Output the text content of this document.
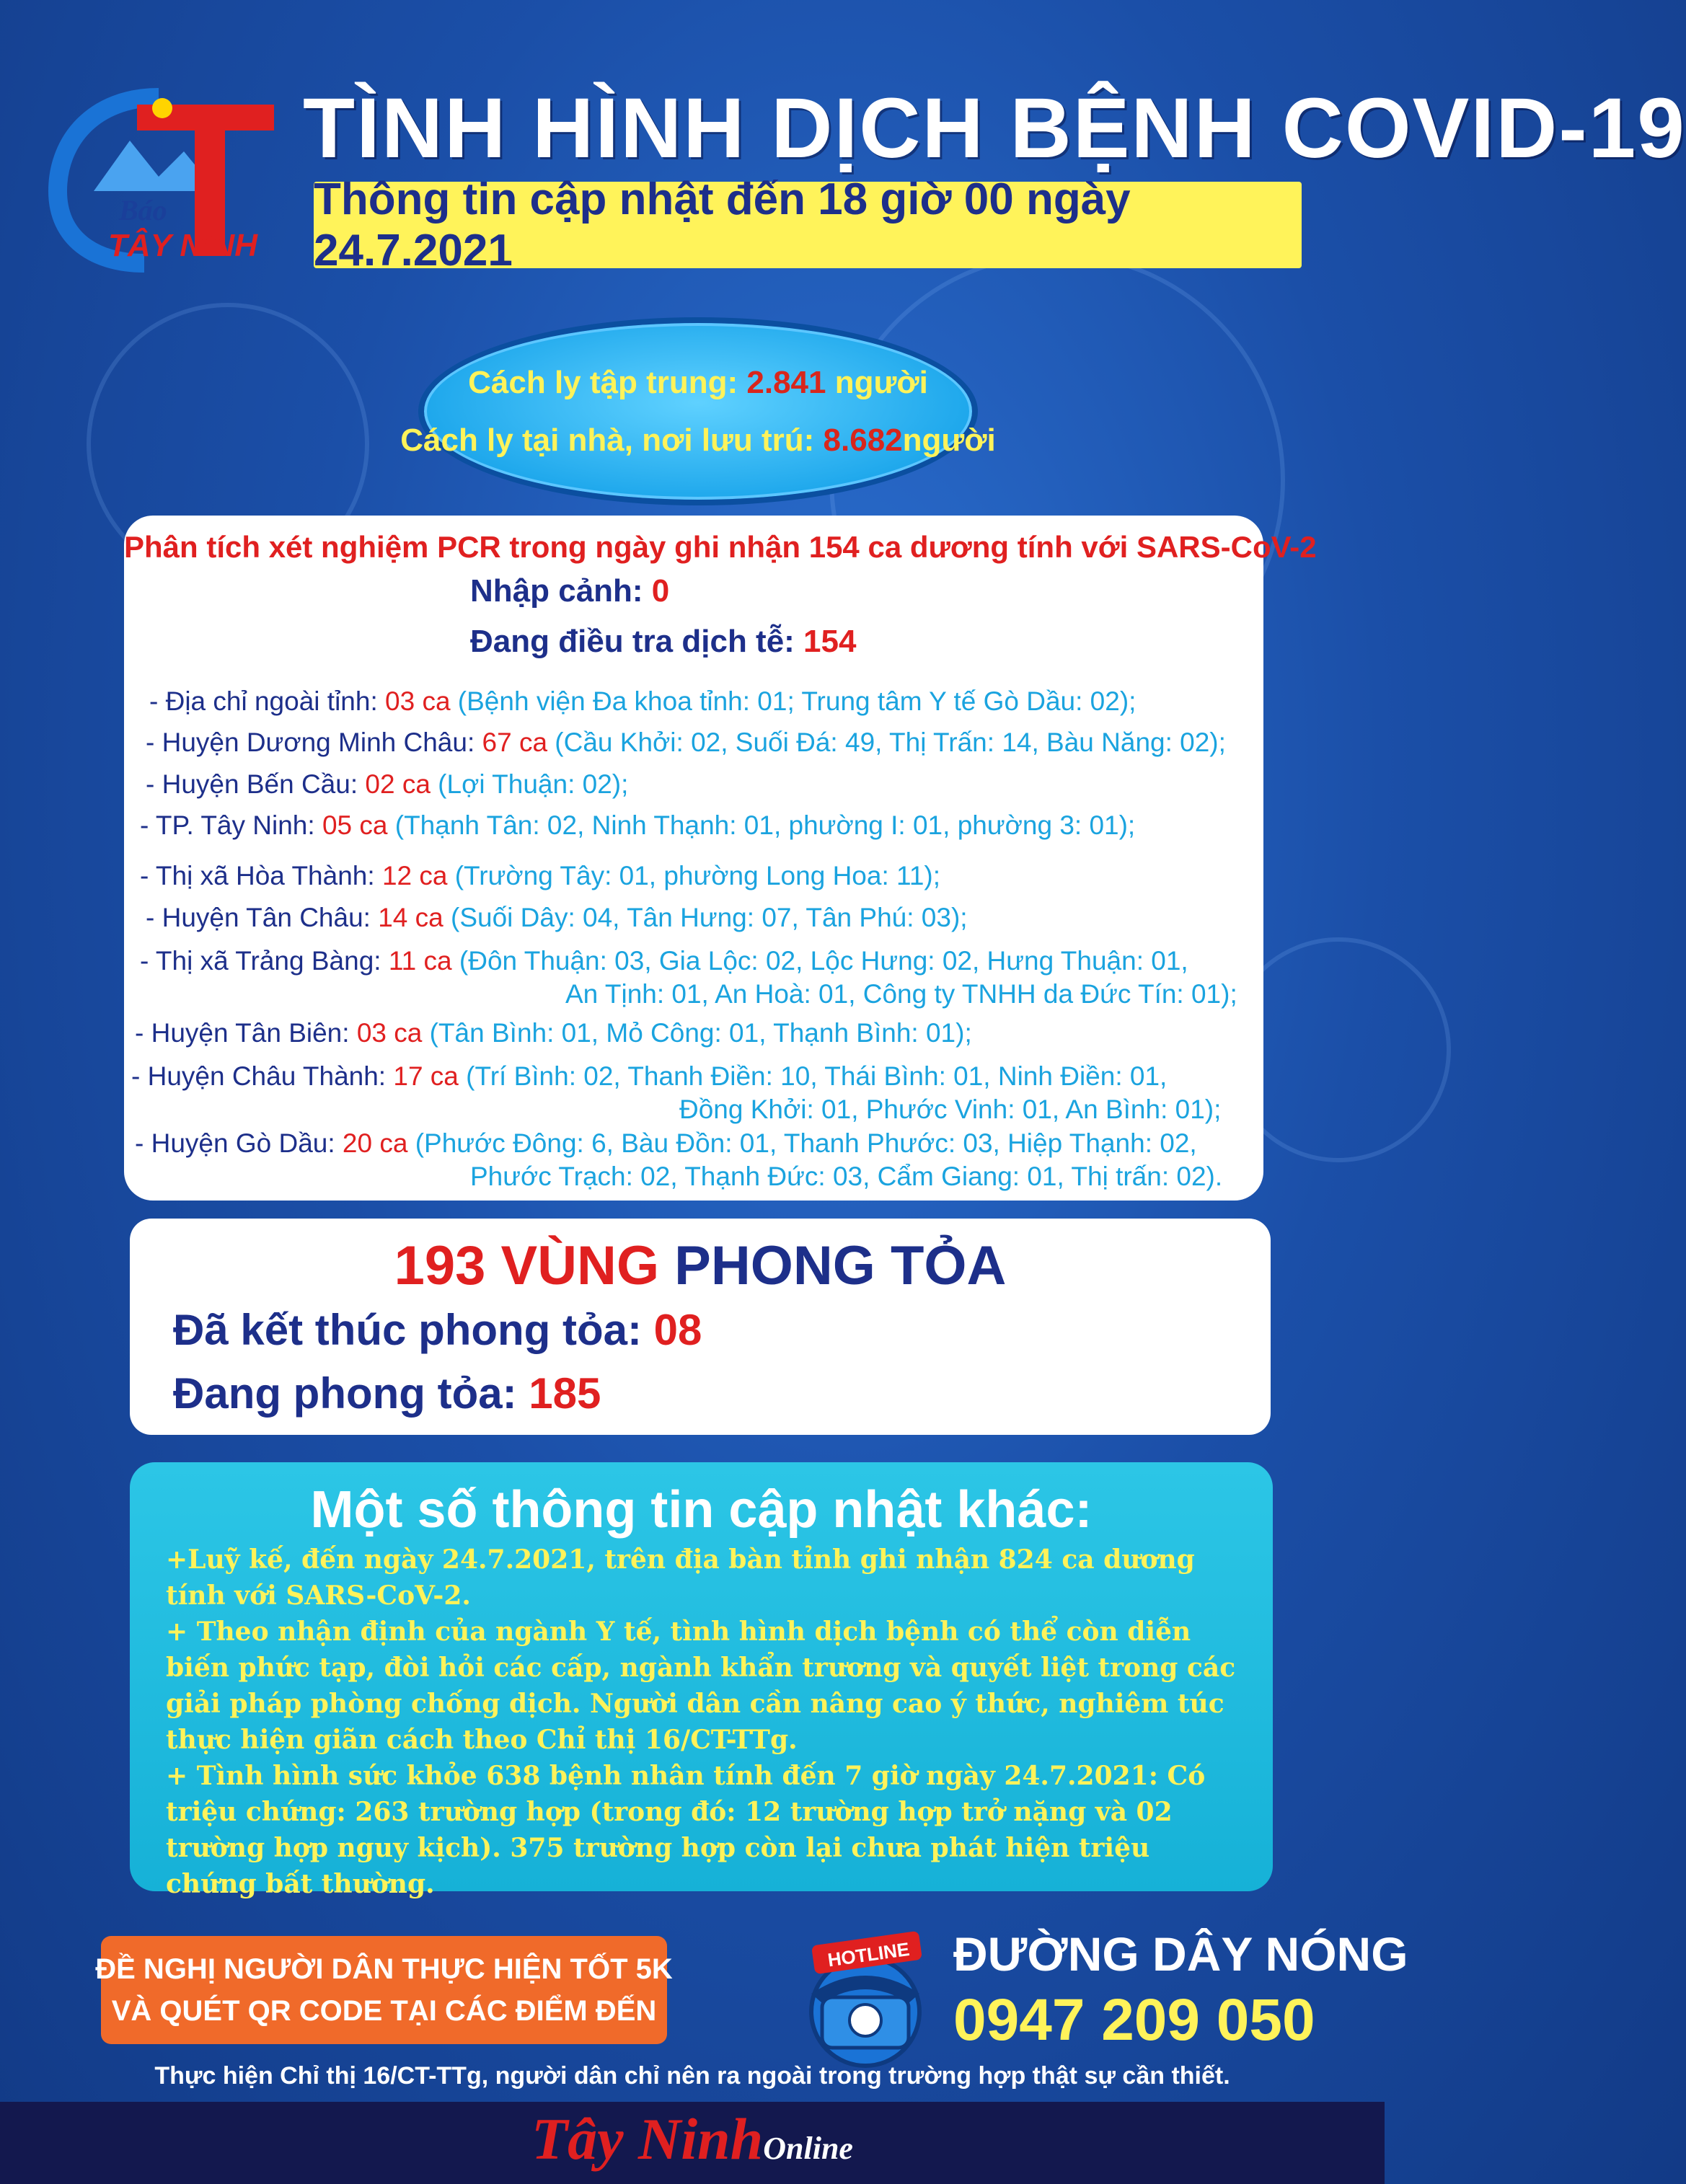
Báo
TÂY NINH
TÌNH HÌNH DỊCH BỆNH COVID-19
Thông tin cập nhật đến 18 giờ 00 ngày 24.7.2021
Cách ly tập trung: 2.841 người
Cách ly tại nhà, nơi lưu trú: 8.682người
Phân tích xét nghiệm PCR trong ngày ghi nhận 154 ca dương tính với SARS-CoV-2
Nhập cảnh: 0
Đang điều tra dịch tễ: 154
- Địa chỉ ngoài tỉnh: 03 ca (Bệnh viện Đa khoa tỉnh: 01; Trung tâm Y tế Gò Dầu: 02);
- Huyện Dương Minh Châu: 67 ca (Cầu Khởi: 02, Suối Đá: 49, Thị Trấn: 14, Bàu Năng: 02);
- Huyện Bến Cầu: 02 ca (Lợi Thuận: 02);
- TP. Tây Ninh: 05 ca (Thạnh Tân: 02, Ninh Thạnh: 01, phường I: 01, phường 3: 01);
- Thị xã Hòa Thành: 12 ca (Trường Tây: 01, phường Long Hoa: 11);
- Huyện Tân Châu: 14 ca (Suối Dây: 04, Tân Hưng: 07, Tân Phú: 03);
- Thị xã Trảng Bàng: 11 ca (Đôn Thuận: 03, Gia Lộc: 02, Lộc Hưng: 02, Hưng Thuận: 01,
An Tịnh: 01, An Hoà: 01, Công ty TNHH da Đức Tín: 01);
- Huyện Tân Biên: 03 ca (Tân Bình: 01, Mỏ Công: 01, Thạnh Bình: 01);
- Huyện Châu Thành: 17 ca (Trí Bình: 02, Thanh Điền: 10, Thái Bình: 01, Ninh Điền: 01,
Đồng Khởi: 01, Phước Vinh: 01, An Bình: 01);
- Huyện Gò Dầu: 20 ca (Phước Đông: 6, Bàu Đồn: 01, Thanh Phước: 03, Hiệp Thạnh: 02,
Phước Trạch: 02, Thạnh Đức: 03, Cẩm Giang: 01, Thị trấn: 02).
193 VÙNG PHONG TỎA
Đã kết thúc phong tỏa: 08
Đang phong tỏa: 185
Một số thông tin cập nhật khác:

+Luỹ kế, đến ngày 24.7.2021, trên địa bàn tỉnh ghi nhận 824 ca dương tính với SARS-CoV-2.

+ Theo nhận định của ngành Y tế, tình hình dịch bệnh có thể còn diễn biến phức tạp, đòi hỏi các cấp, ngành khẩn trương và quyết liệt trong các giải pháp phòng chống dịch. Người dân cần nâng cao ý thức, nghiêm túc thực hiện giãn cách theo Chỉ thị 16/CT-TTg.

+ Tình hình sức khỏe 638 bệnh nhân tính đến 7 giờ ngày 24.7.2021: Có triệu chứng: 263 trường hợp (trong đó: 12 trường hợp trở nặng và 02 trường hợp nguy kịch). 375 trường hợp còn lại chưa phát hiện triệu chứng bất thường.

ĐỀ NGHỊ NGƯỜI DÂN THỰC HIỆN TỐT 5K
VÀ QUÉT QR CODE TẠI CÁC ĐIỂM ĐẾN
HOTLINE ĐƯỜNG DÂY NÓNG
0947 209 050
Thực hiện Chỉ thị 16/CT-TTg, người dân chỉ nên ra ngoài trong trường hợp thật sự cần thiết.
Tây NinhOnline
